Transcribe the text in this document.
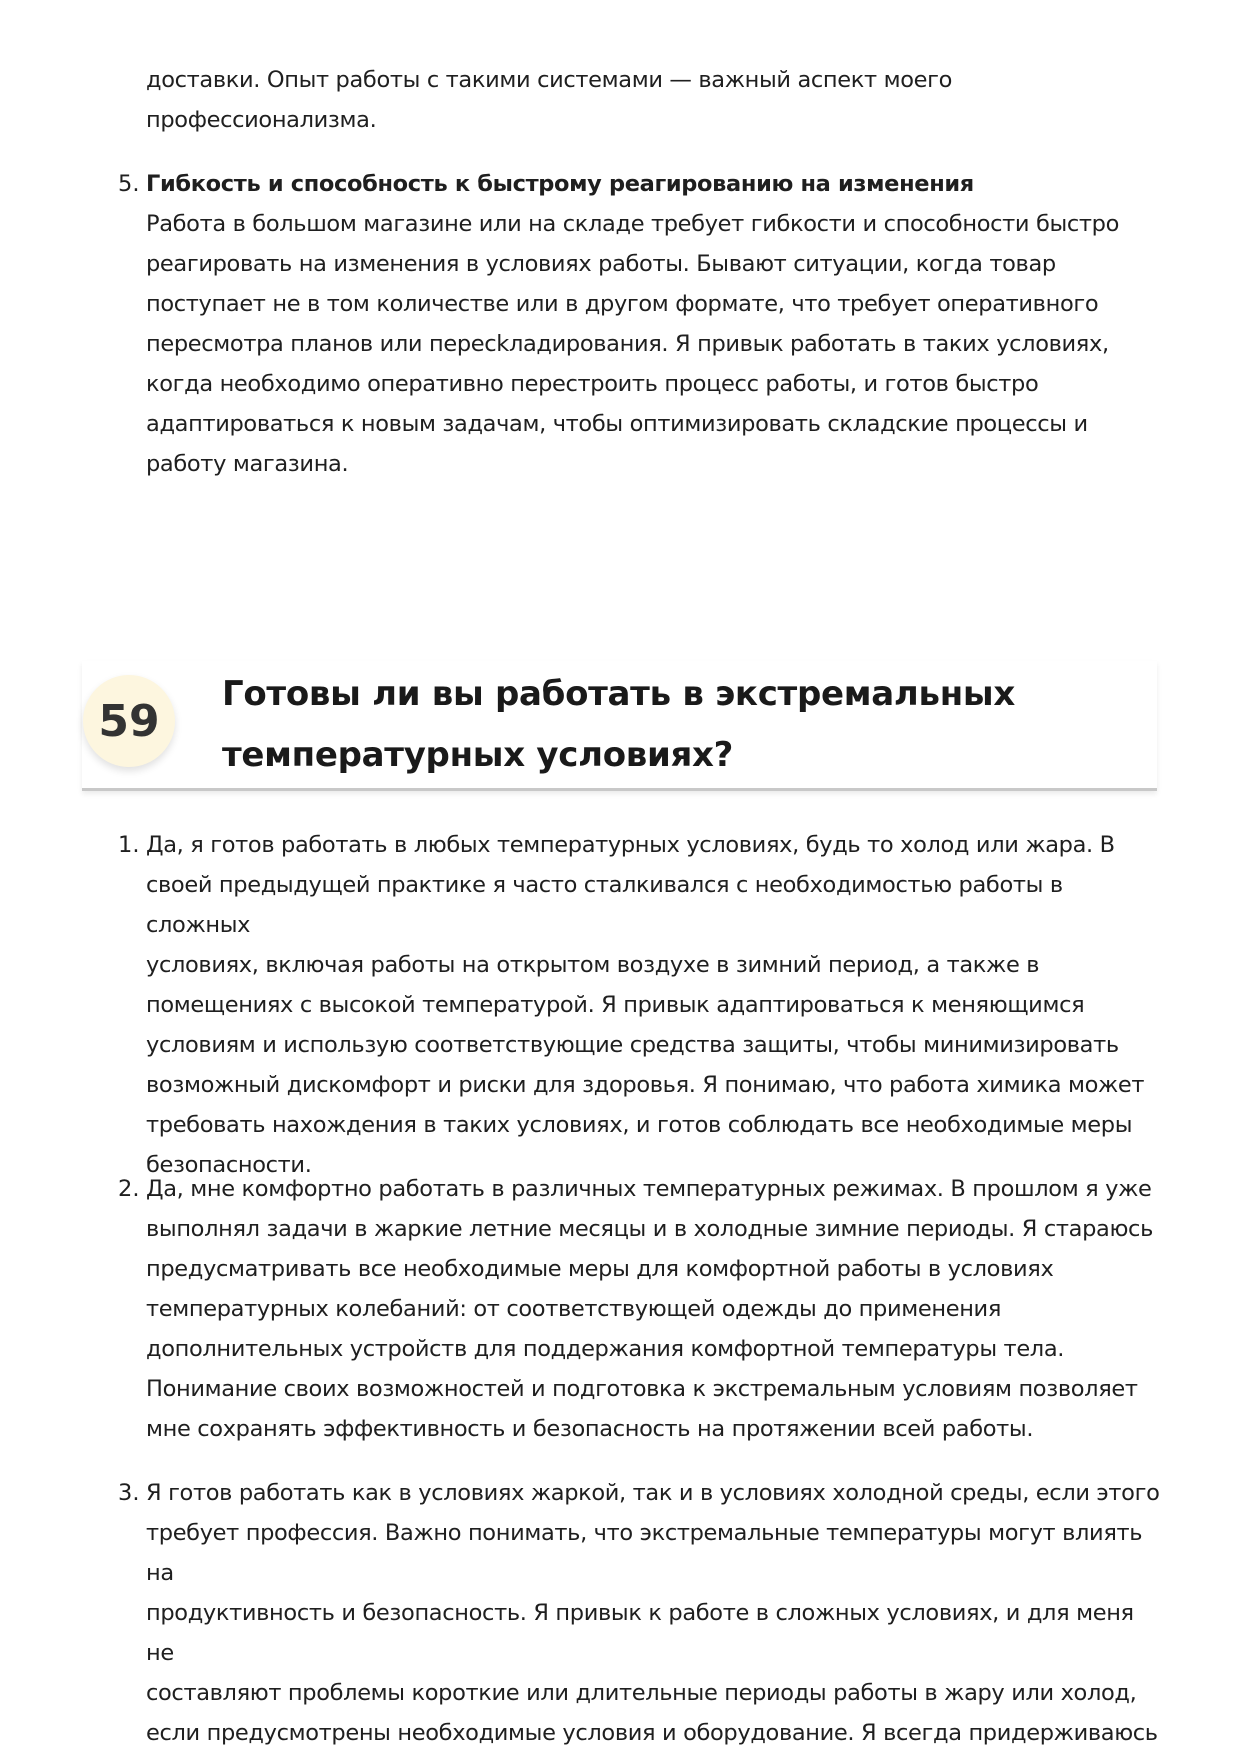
доставки. Опыт работы с такими системами — важный аспект моего
профессионализма.
5. Гибкость и способность к быстрому реагированию на изменения
Работа в большом магазине или на складе требует гибкости и способности быстро
реагировать на изменения в условиях работы. Бывают ситуации, когда товар
поступает не в том количестве или в другом формате, что требует оперативного
пересмотра планов или пересkладирования. Я привык работать в таких условиях,
когда необходимо оперативно перестроить процесс работы, и готов быстро
адаптироваться к новым задачам, чтобы оптимизировать складские процессы и
работу магазина.
59
Готовы ли вы работать в экстремальных
температурных условиях?
1. Да, я готов работать в любых температурных условиях, будь то холод или жара. В
своей предыдущей практике я часто сталкивался с необходимостью работы в сложных
условиях, включая работы на открытом воздухе в зимний период, а также в
помещениях с высокой температурой. Я привык адаптироваться к меняющимся
условиям и использую соответствующие средства защиты, чтобы минимизировать
возможный дискомфорт и риски для здоровья. Я понимаю, что работа химика может
требовать нахождения в таких условиях, и готов соблюдать все необходимые меры
безопасности.
2. Да, мне комфортно работать в различных температурных режимах. В прошлом я уже
выполнял задачи в жаркие летние месяцы и в холодные зимние периоды. Я стараюсь
предусматривать все необходимые меры для комфортной работы в условиях
температурных колебаний: от соответствующей одежды до применения
дополнительных устройств для поддержания комфортной температуры тела.
Понимание своих возможностей и подготовка к экстремальным условиям позволяет
мне сохранять эффективность и безопасность на протяжении всей работы.
3. Я готов работать как в условиях жаркой, так и в условиях холодной среды, если этого
требует профессия. Важно понимать, что экстремальные температуры могут влиять на
продуктивность и безопасность. Я привык к работе в сложных условиях, и для меня не
составляют проблемы короткие или длительные периоды работы в жару или холод,
если предусмотрены необходимые условия и оборудование. Я всегда придерживаюсь
